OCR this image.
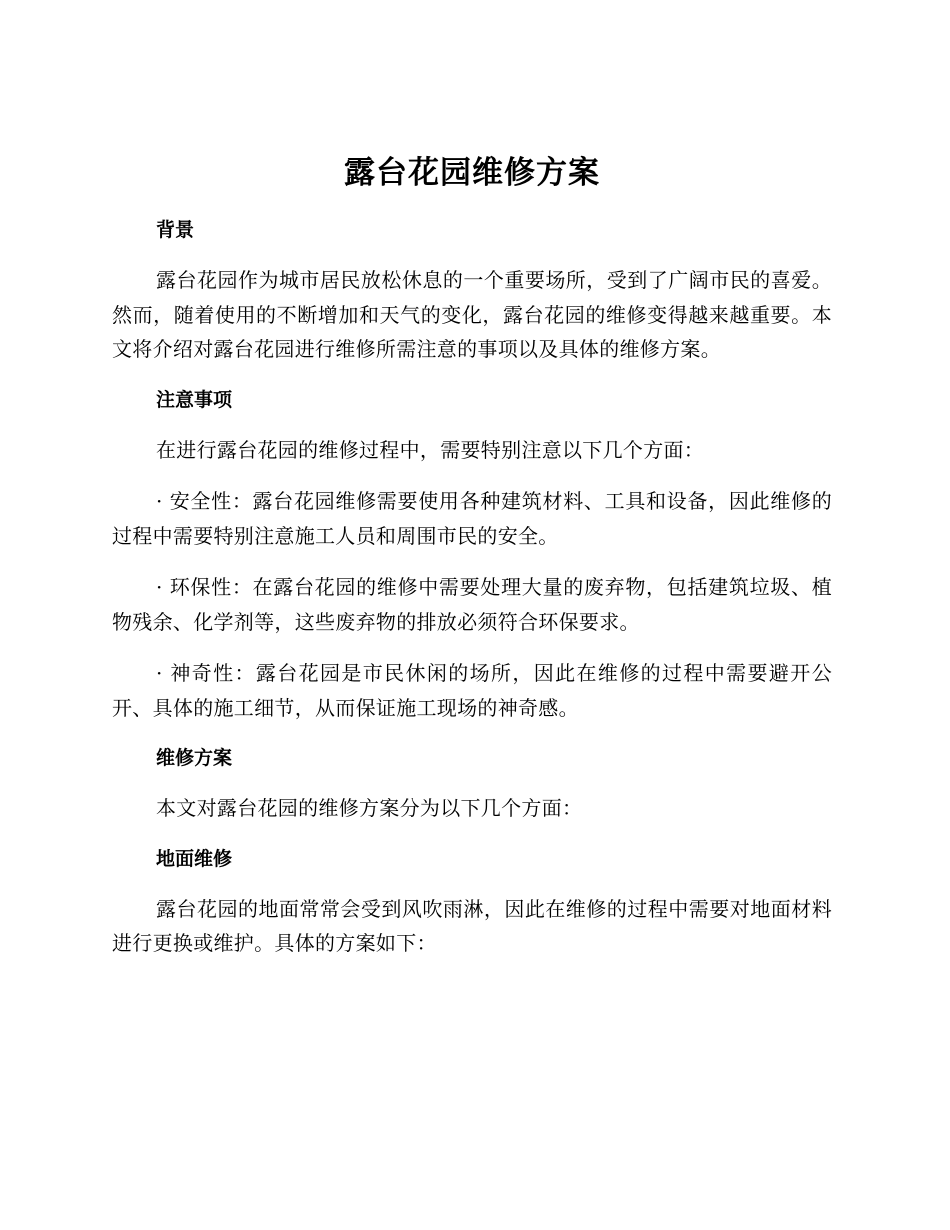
露台花园维修方案
背景

露台花园作为城市居民放松休息的一个重要场所，受到了广阔市民的喜爱。然而，随着使用的不断增加和天气的变化，露台花园的维修变得越来越重要。本文将介绍对露台花园进行维修所需注意的事项以及具体的维修方案。

注意事项

在进行露台花园的维修过程中，需要特别注意以下几个方面：

· 安全性：露台花园维修需要使用各种建筑材料、工具和设备，因此维修的过程中需要特别注意施工人员和周围市民的安全。

· 环保性：在露台花园的维修中需要处理大量的废弃物，包括建筑垃圾、植物残余、化学剂等，这些废弃物的排放必须符合环保要求。

· 神奇性：露台花园是市民休闲的场所，因此在维修的过程中需要避开公开、具体的施工细节，从而保证施工现场的神奇感。

维修方案

本文对露台花园的维修方案分为以下几个方面：

地面维修

露台花园的地面常常会受到风吹雨淋，因此在维修的过程中需要对地面材料进行更换或维护。具体的方案如下：
